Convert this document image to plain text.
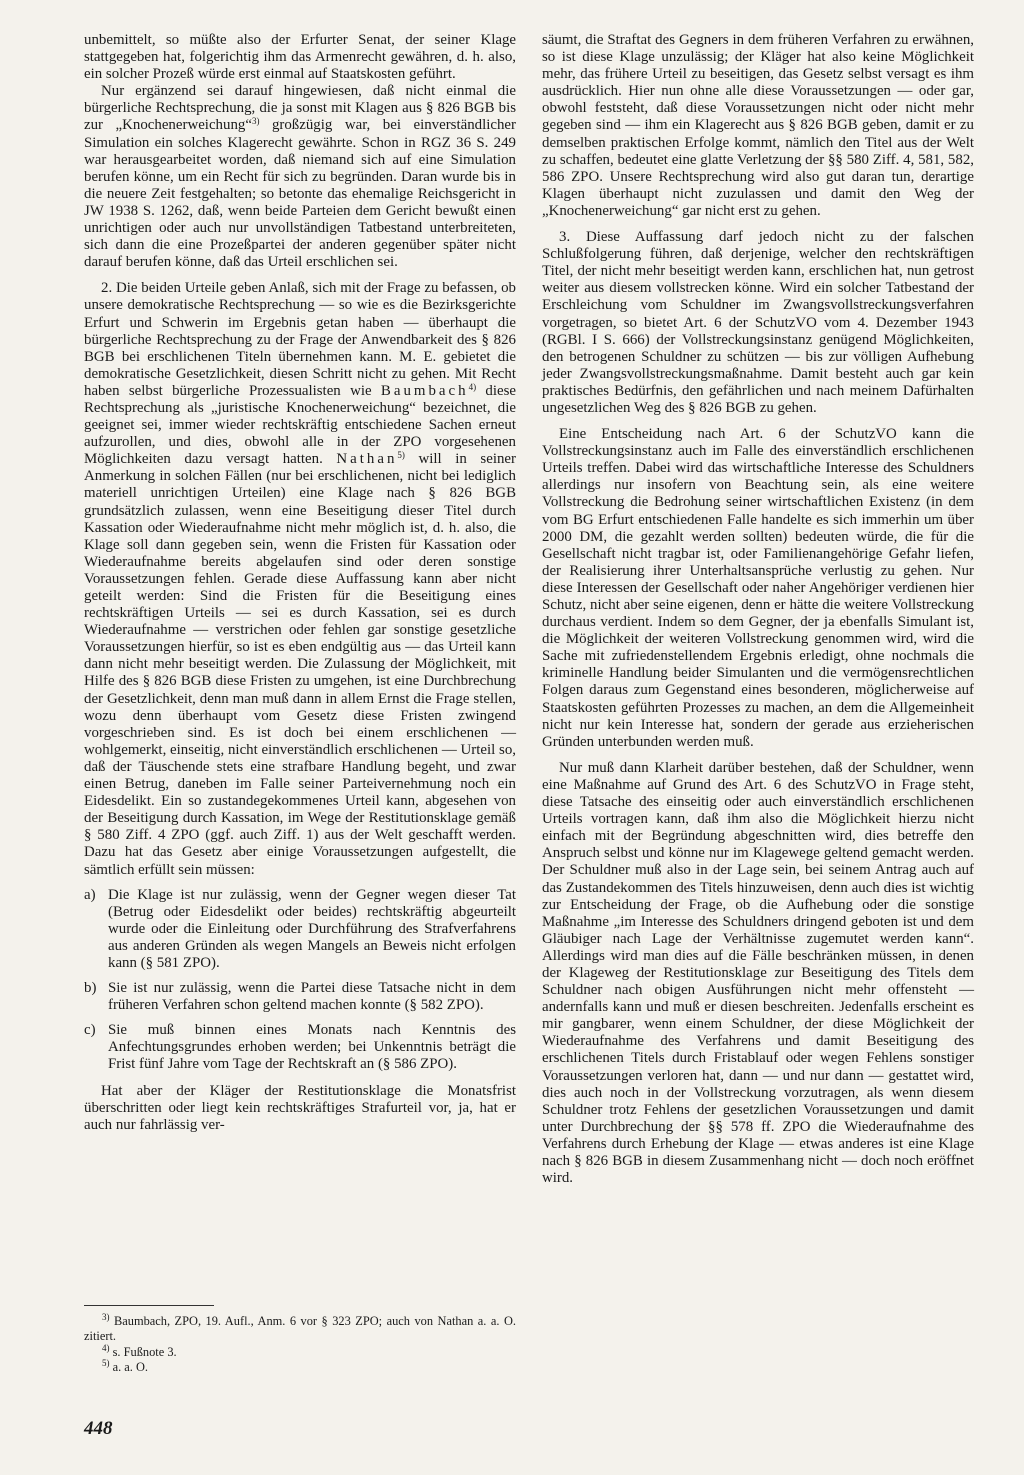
unbemittelt, so müßte also der Erfurter Senat, der seiner Klage stattgegeben hat, folgerichtig ihm das Armenrecht gewähren, d. h. also, ein solcher Prozeß würde erst einmal auf Staatskosten geführt.

Nur ergänzend sei darauf hingewiesen, daß nicht einmal die bürgerliche Rechtsprechung, die ja sonst mit Klagen aus § 826 BGB bis zur „Knochenerweichung“$^{3)}$ großzügig war, bei einverständlicher Simulation ein solches Klagerecht gewährte. Schon in RGZ 36 S. 249 war herausgearbeitet worden, daß niemand sich auf eine Simulation berufen könne, um ein Recht für sich zu begründen. Daran wurde bis in die neuere Zeit festgehalten; so betonte das ehemalige Reichsgericht in JW 1938 S. 1262, daß, wenn beide Parteien dem Gericht bewußt einen unrichtigen oder auch nur unvollständigen Tatbestand unterbreiteten, sich dann die eine Prozeßpartei der anderen gegenüber später nicht darauf berufen könne, daß das Urteil erschlichen sei.

2. Die beiden Urteile geben Anlaß, sich mit der Frage zu befassen, ob unsere demokratische Rechtsprechung — so wie es die Bezirksgerichte Erfurt und Schwerin im Ergebnis getan haben — überhaupt die bürgerliche Rechtsprechung zu der Frage der Anwendbarkeit des § 826 BGB bei erschlichenen Titeln übernehmen kann. M. E. gebietet die demokratische Gesetzlichkeit, diesen Schritt nicht zu gehen. Mit Recht haben selbst bürgerliche Prozessualisten wie Baumbach$^{4)}$ diese Rechtsprechung als „juristische Knochenerweichung“ bezeichnet, die geeignet sei, immer wieder rechtskräftig entschiedene Sachen erneut aufzurollen, und dies, obwohl alle in der ZPO vorgesehenen Möglichkeiten dazu versagt hatten. Nathan$^{5)}$ will in seiner Anmerkung in solchen Fällen (nur bei erschlichenen, nicht bei lediglich materiell unrichtigen Urteilen) eine Klage nach § 826 BGB grundsätzlich zulassen, wenn eine Beseitigung dieser Titel durch Kassation oder Wiederaufnahme nicht mehr möglich ist, d. h. also, die Klage soll dann gegeben sein, wenn die Fristen für Kassation oder Wiederaufnahme bereits abgelaufen sind oder deren sonstige Voraussetzungen fehlen. Gerade diese Auffassung kann aber nicht geteilt werden: Sind die Fristen für die Beseitigung eines rechtskräftigen Urteils — sei es durch Kassation, sei es durch Wiederaufnahme — verstrichen oder fehlen gar sonstige gesetzliche Voraussetzungen hierfür, so ist es eben endgültig aus — das Urteil kann dann nicht mehr beseitigt werden. Die Zulassung der Möglichkeit, mit Hilfe des § 826 BGB diese Fristen zu umgehen, ist eine Durchbrechung der Gesetzlichkeit, denn man muß dann in allem Ernst die Frage stellen, wozu denn überhaupt vom Gesetz diese Fristen zwingend vorgeschrieben sind. Es ist doch bei einem erschlichenen — wohlgemerkt, einseitig, nicht einverständlich erschlichenen — Urteil so, daß der Täuschende stets eine strafbare Handlung begeht, und zwar einen Betrug, daneben im Falle seiner Parteivernehmung noch ein Eidesdelikt. Ein so zustandegekommenes Urteil kann, abgesehen von der Beseitigung durch Kassation, im Wege der Restitutionsklage gemäß § 580 Ziff. 4 ZPO (ggf. auch Ziff. 1) aus der Welt geschafft werden. Dazu hat das Gesetz aber einige Voraussetzungen aufgestellt, die sämtlich erfüllt sein müssen:

a) Die Klage ist nur zulässig, wenn der Gegner wegen dieser Tat (Betrug oder Eidesdelikt oder beides) rechtskräftig abgeurteilt wurde oder die Einleitung oder Durchführung des Strafverfahrens aus anderen Gründen als wegen Mangels an Beweis nicht erfolgen kann (§ 581 ZPO).
b) Sie ist nur zulässig, wenn die Partei diese Tatsache nicht in dem früheren Verfahren schon geltend machen konnte (§ 582 ZPO).
c) Sie muß binnen eines Monats nach Kenntnis des Anfechtungsgrundes erhoben werden; bei Unkenntnis beträgt die Frist fünf Jahre vom Tage der Rechtskraft an (§ 586 ZPO).

Hat aber der Kläger der Restitutionsklage die Monatsfrist überschritten oder liegt kein rechtskräftiges Strafurteil vor, ja, hat er auch nur fahrlässig ver-

säumt, die Straftat des Gegners in dem früheren Verfahren zu erwähnen, so ist diese Klage unzulässig; der Kläger hat also keine Möglichkeit mehr, das frühere Urteil zu beseitigen, das Gesetz selbst versagt es ihm ausdrücklich. Hier nun ohne alle diese Voraussetzungen — oder gar, obwohl feststeht, daß diese Voraussetzungen nicht oder nicht mehr gegeben sind — ihm ein Klagerecht aus § 826 BGB geben, damit er zu demselben praktischen Erfolge kommt, nämlich den Titel aus der Welt zu schaffen, bedeutet eine glatte Verletzung der §§ 580 Ziff. 4, 581, 582, 586 ZPO. Unsere Rechtsprechung wird also gut daran tun, derartige Klagen überhaupt nicht zuzulassen und damit den Weg der „Knochenerweichung“ gar nicht erst zu gehen.

3. Diese Auffassung darf jedoch nicht zu der falschen Schlußfolgerung führen, daß derjenige, welcher den rechtskräftigen Titel, der nicht mehr beseitigt werden kann, erschlichen hat, nun getrost weiter aus diesem vollstrecken könne. Wird ein solcher Tatbestand der Erschleichung vom Schuldner im Zwangsvollstreckungsverfahren vorgetragen, so bietet Art. 6 der SchutzVO vom 4. Dezember 1943 (RGBl. I S. 666) der Vollstreckungsinstanz genügend Möglichkeiten, den betrogenen Schuldner zu schützen — bis zur völligen Aufhebung jeder Zwangsvollstreckungsmaßnahme. Damit besteht auch gar kein praktisches Bedürfnis, den gefährlichen und nach meinem Dafürhalten ungesetzlichen Weg des § 826 BGB zu gehen.

Eine Entscheidung nach Art. 6 der SchutzVO kann die Vollstreckungsinstanz auch im Falle des einverständlich erschlichenen Urteils treffen. Dabei wird das wirtschaftliche Interesse des Schuldners allerdings nur insofern von Beachtung sein, als eine weitere Vollstreckung die Bedrohung seiner wirtschaftlichen Existenz (in dem vom BG Erfurt entschiedenen Falle handelte es sich immerhin um über 2000 DM, die gezahlt werden sollten) bedeuten würde, die für die Gesellschaft nicht tragbar ist, oder Familienangehörige Gefahr liefen, der Realisierung ihrer Unterhaltsansprüche verlustig zu gehen. Nur diese Interessen der Gesellschaft oder naher Angehöriger verdienen hier Schutz, nicht aber seine eigenen, denn er hätte die weitere Vollstreckung durchaus verdient. Indem so dem Gegner, der ja ebenfalls Simulant ist, die Möglichkeit der weiteren Vollstreckung genommen wird, wird die Sache mit zufriedenstellendem Ergebnis erledigt, ohne nochmals die kriminelle Handlung beider Simulanten und die vermögensrechtlichen Folgen daraus zum Gegenstand eines besonderen, möglicherweise auf Staatskosten geführten Prozesses zu machen, an dem die Allgemeinheit nicht nur kein Interesse hat, sondern der gerade aus erzieherischen Gründen unterbunden werden muß.

Nur muß dann Klarheit darüber bestehen, daß der Schuldner, wenn eine Maßnahme auf Grund des Art. 6 des SchutzVO in Frage steht, diese Tatsache des einseitig oder auch einverständlich erschlichenen Urteils vortragen kann, daß ihm also die Möglichkeit hierzu nicht einfach mit der Begründung abgeschnitten wird, dies betreffe den Anspruch selbst und könne nur im Klagewege geltend gemacht werden. Der Schuldner muß also in der Lage sein, bei seinem Antrag auch auf das Zustandekommen des Titels hinzuweisen, denn auch dies ist wichtig zur Entscheidung der Frage, ob die Aufhebung oder die sonstige Maßnahme „im Interesse des Schuldners dringend geboten ist und dem Gläubiger nach Lage der Verhältnisse zugemutet werden kann“. Allerdings wird man dies auf die Fälle beschränken müssen, in denen der Klageweg der Restitutionsklage zur Beseitigung des Titels dem Schuldner nach obigen Ausführungen nicht mehr offensteht — andernfalls kann und muß er diesen beschreiten. Jedenfalls erscheint es mir gangbarer, wenn einem Schuldner, der diese Möglichkeit der Wiederaufnahme des Verfahrens und damit Beseitigung des erschlichenen Titels durch Fristablauf oder wegen Fehlens sonstiger Voraussetzungen verloren hat, dann — und nur dann — gestattet wird, dies auch noch in der Vollstreckung vorzutragen, als wenn diesem Schuldner trotz Fehlens der gesetzlichen Voraussetzungen und damit unter Durchbrechung der §§ 578 ff. ZPO die Wiederaufnahme des Verfahrens durch Erhebung der Klage — etwas anderes ist eine Klage nach § 826 BGB in diesem Zusammenhang nicht — doch noch eröffnet wird.

$^{3)}$ Baumbach, ZPO, 19. Aufl., Anm. 6 vor § 323 ZPO; auch von Nathan a. a. O. zitiert.
$^{4)}$ s. Fußnote 3.
$^{5)}$ a. a. O.
448
